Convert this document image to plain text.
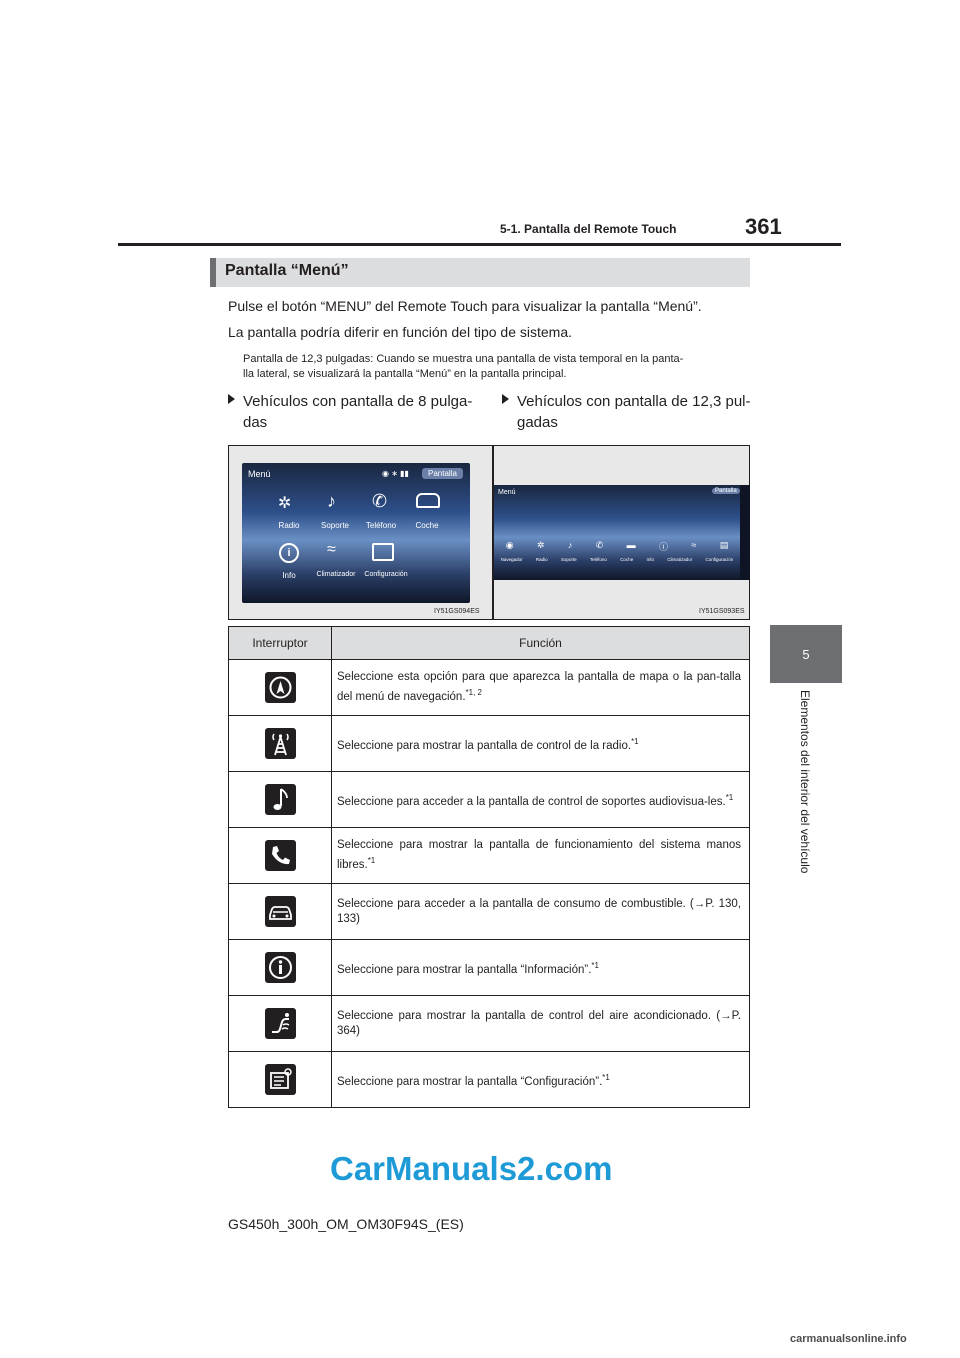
5-1. Pantalla del Remote Touch	361
5
Elementos del interior del vehículo
Pantalla “Menú”
Pulse el botón “MENU” del Remote Touch para visualizar la pantalla “Menú”.
La pantalla podría diferir en función del tipo de sistema.
Pantalla de 12,3 pulgadas: Cuando se muestra una pantalla de vista temporal en la panta-
lla lateral, se visualizará la pantalla “Menú” en la pantalla principal.
Vehículos con pantalla de 8 pulga-
das
Vehículos con pantalla de 12,3 pul-
gadas
Menú	Pantalla
◉ ∗ ▮▮
✲ ♪ ✆
Radio	Soporte	Teléfono	Coche
i	≈
Info	Climatizador	Configuración
IY51GS094ES
Menú	Pantalla
◉	✲	♪	✆	▬	ⓘ	≈	▤
Navegador	Radio	Soporte	Teléfono	Coche	Info	Climatizador	Configuración
IY51GS093ES
Interruptor	Función

	Seleccione esta opción para que aparezca la pantalla de mapa o la pan-talla del menú de navegación.$^{*1, 2}$

	Seleccione para mostrar la pantalla de control de la radio.$^{*1}$

	Seleccione para acceder a la pantalla de control de soportes audiovisua-les.$^{*1}$

	Seleccione para mostrar la pantalla de funcionamiento del sistema manos libres.$^{*1}$

	Seleccione para acceder a la pantalla de consumo de combustible. (→P. 130, 133)

	Seleccione para mostrar la pantalla “Información”.$^{*1}$

	Seleccione para mostrar la pantalla de control del aire acondicionado. (→P. 364)

	Seleccione para mostrar la pantalla “Configuración”.$^{*1}$
CarManuals2.com
carmanualsonline.info
GS450h_300h_OM_OM30F94S_(ES)
